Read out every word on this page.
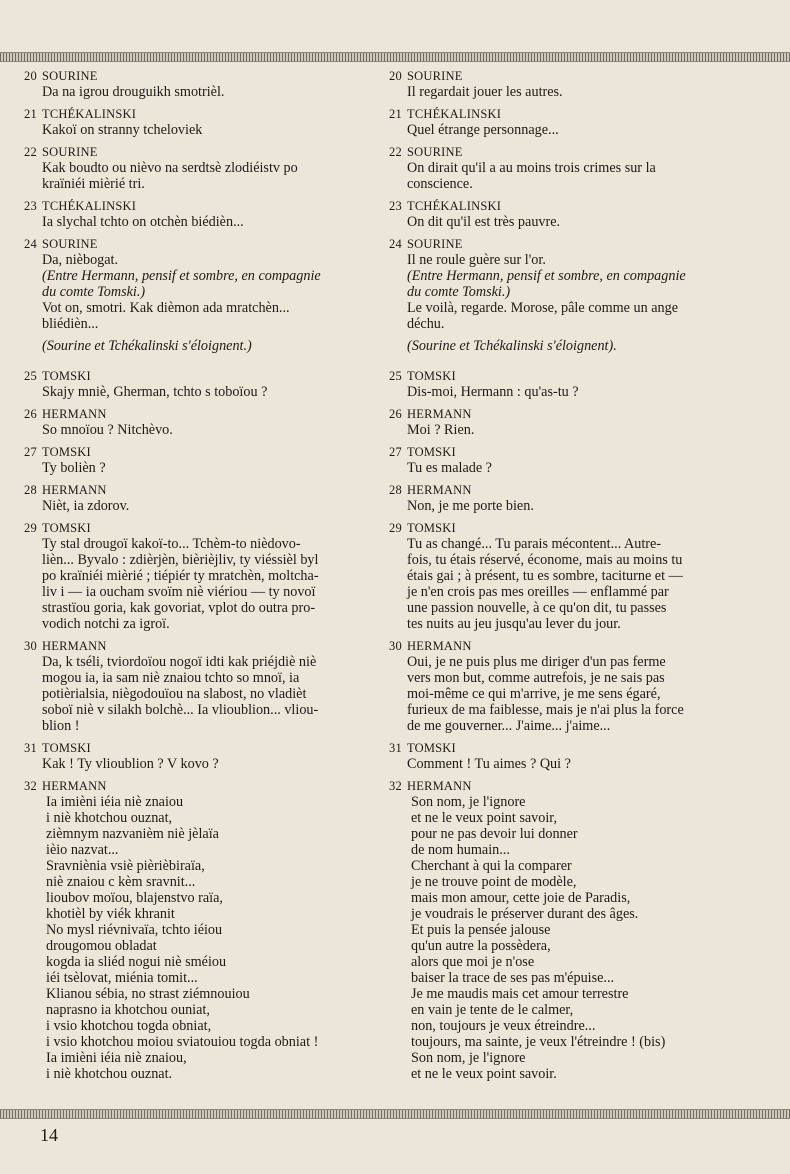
20 SOURINE
Da na igrou drouguikh smotrièl.
21 TCHÉKALINSKI
Kakoï on stranny tcheloviek
22 SOURINE
Kak boudto ou nièvo na serdtsè zlodiéistv po
kraïniéi mièrié tri.
23 TCHÉKALINSKI
Ia slychal tchto on otchèn biédièn...
24 SOURINE
Da, nièbogat.
(Entre Hermann, pensif et sombre, en compagnie
du comte Tomski.)
Vot on, smotri. Kak dièmon ada mratchèn...
bliédièn...
(Sourine et Tchékalinski s'éloignent.)
25 TOMSKI
Skajy mniè, Gherman, tchto s toboïou ?
26 HERMANN
So mnoïou ? Nitchèvo.
27 TOMSKI
Ty bolièn ?
28 HERMANN
Nièt, ia zdorov.
29 TOMSKI
Ty stal drougoï kakoï-to... Tchèm-to nièdovo-
lièn... Byvalo : zdièrjèn, bièrièjliv, ty viéssièl byl
po kraïniéi mièrié ; tiépiér ty mratchèn, moltcha-
liv i — ia oucham svoïm niè viériou — ty novoï
strastïou goria, kak govoriat, vplot do outra pro-
vodich notchi za igroï.
30 HERMANN
Da, k tséli, tviordoïou nogoï idti kak priéjdiè niè
mogou ia, ia sam niè znaiou tchto so mnoï, ia
potièrialsia, niègodouïou na slabost, no vladièt
soboï niè v silakh bolchè... Ia vlioublion... vliou-
blion !
31 TOMSKI
Kak ! Ty vlioublion ? V kovo ?
32 HERMANN
Ia imièni iéia niè znaiou
i niè khotchou ouznat,
zièmnym nazvanièm niè jèlaïa
ièio nazvat...
Sravniènia vsiè pièrièbiraïa,
niè znaiou c kèm sravnit...
lioubov moïou, blajenstvo raïa,
khotièl by viék khranit
No mysl riévnivaïa, tchto iéiou
drougomou obladat
kogda ia sliéd nogui niè sméiou
iéi tsèlovat, miénia tomit...
Klianou sébia, no strast ziémnouiou
naprasno ia khotchou ouniat,
i vsio khotchou togda obniat,
i vsio khotchou moiou sviatouiou togda obniat !
Ia imièni iéia niè znaiou,
i niè khotchou ouznat.
20 SOURINE
Il regardait jouer les autres.
21 TCHÉKALINSKI
Quel étrange personnage...
22 SOURINE
On dirait qu'il a au moins trois crimes sur la
conscience.
23 TCHÉKALINSKI
On dit qu'il est très pauvre.
24 SOURINE
Il ne roule guère sur l'or.
(Entre Hermann, pensif et sombre, en compagnie
du comte Tomski.)
Le voilà, regarde. Morose, pâle comme un ange
déchu.
(Sourine et Tchékalinski s'éloignent).
25 TOMSKI
Dis-moi, Hermann : qu'as-tu ?
26 HERMANN
Moi ? Rien.
27 TOMSKI
Tu es malade ?
28 HERMANN
Non, je me porte bien.
29 TOMSKI
Tu as changé... Tu parais mécontent... Autre-
fois, tu étais réservé, économe, mais au moins tu
étais gai ; à présent, tu es sombre, taciturne et —
je n'en crois pas mes oreilles — enflammé par
une passion nouvelle, à ce qu'on dit, tu passes
tes nuits au jeu jusqu'au lever du jour.
30 HERMANN
Oui, je ne puis plus me diriger d'un pas ferme
vers mon but, comme autrefois, je ne sais pas
moi-même ce qui m'arrive, je me sens égaré,
furieux de ma faiblesse, mais je n'ai plus la force
de me gouverner... J'aime... j'aime...
31 TOMSKI
Comment ! Tu aimes ? Qui ?
32 HERMANN
Son nom, je l'ignore
et ne le veux point savoir,
pour ne pas devoir lui donner
de nom humain...
Cherchant à qui la comparer
je ne trouve point de modèle,
mais mon amour, cette joie de Paradis,
je voudrais le préserver durant des âges.
Et puis la pensée jalouse
qu'un autre la possèdera,
alors que moi je n'ose
baiser la trace de ses pas m'épuise...
Je me maudis mais cet amour terrestre
en vain je tente de le calmer,
non, toujours je veux étreindre...
toujours, ma sainte, je veux l'étreindre ! (bis)
Son nom, je l'ignore
et ne le veux point savoir.
14
